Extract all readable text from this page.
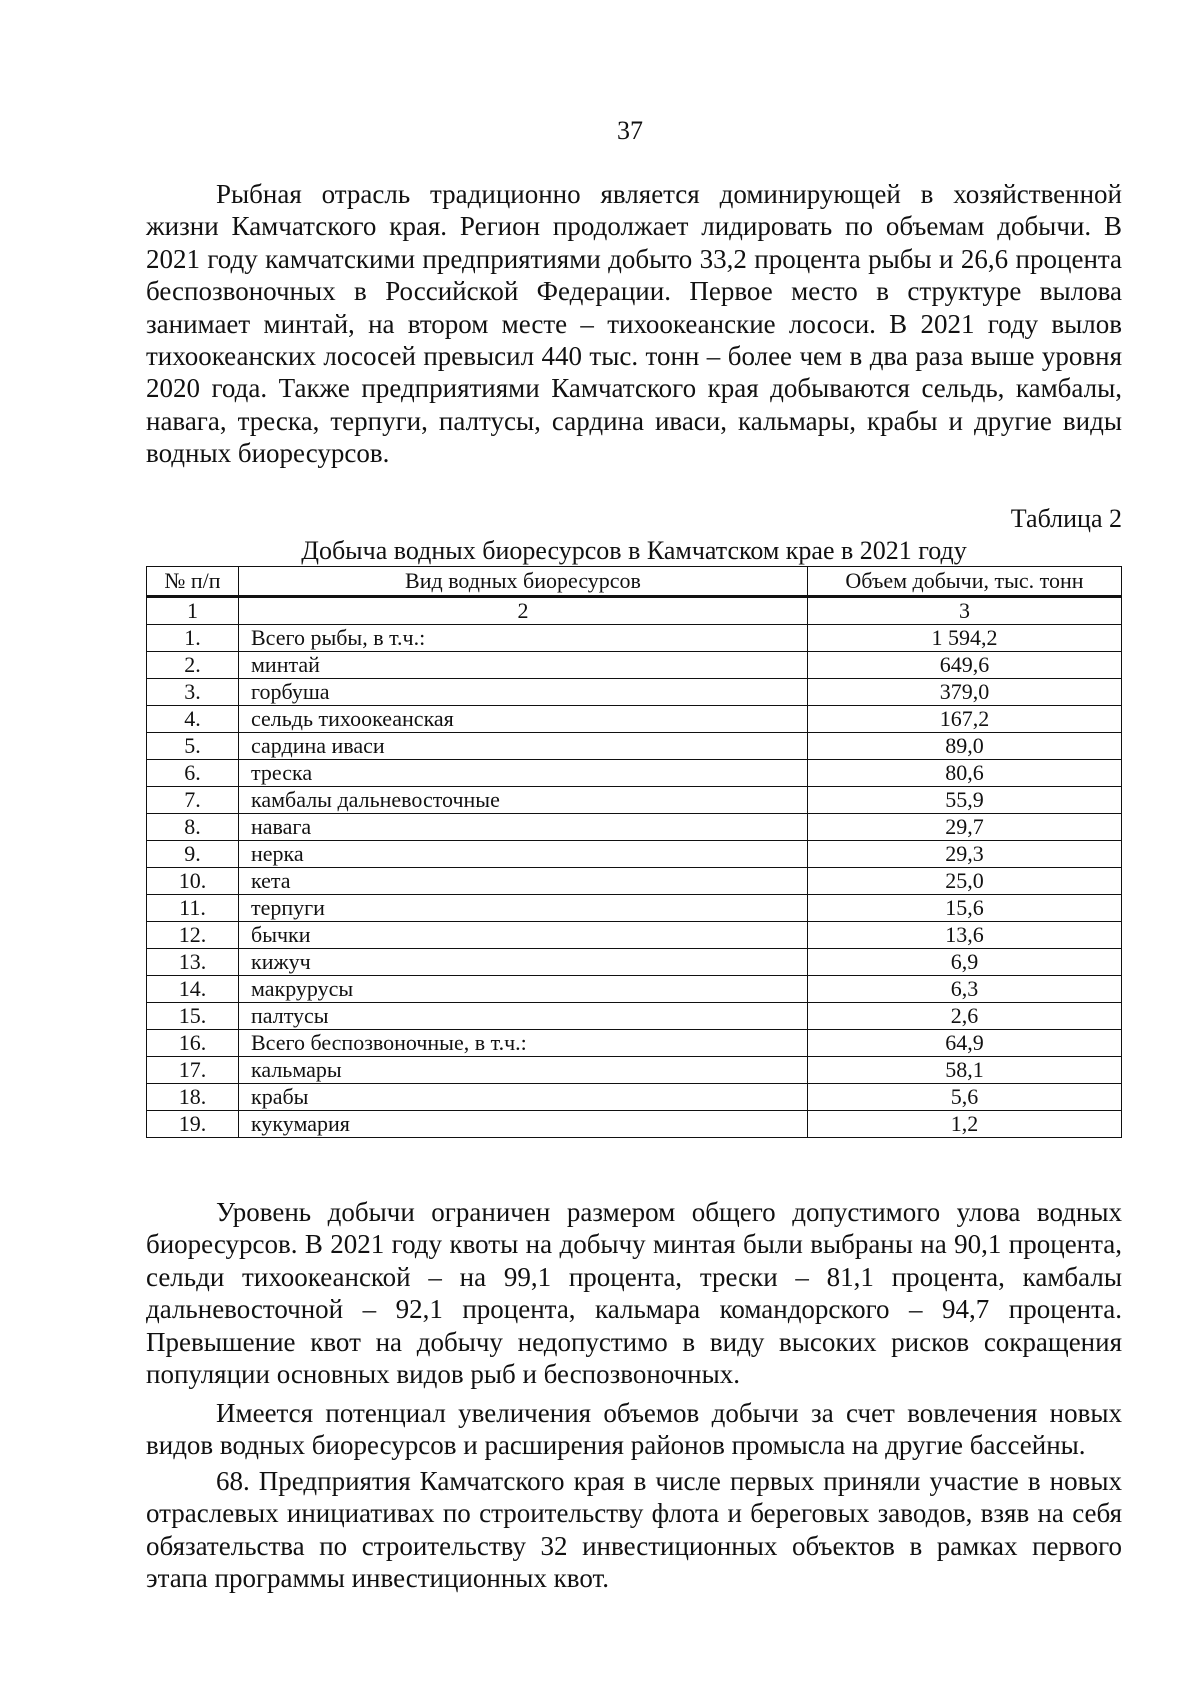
37

Рыбная отрасль традиционно является доминирующей в хозяйственной жизни Камчатского края. Регион продолжает лидировать по объемам добычи. В 2021 году камчатскими предприятиями добыто 33,2 процента рыбы и 26,6 процента беспозвоночных в Российской Федерации. Первое место в структуре вылова занимает минтай, на втором месте – тихоокеанские лососи. В 2021 году вылов тихоокеанских лососей превысил 440 тыс. тонн – более чем в два раза выше уровня 2020 года. Также предприятиями Камчатского края добываются сельдь, камбалы, навага, треска, терпуги, палтусы, сардина иваси, кальмары, крабы и другие виды водных биоресурсов.

Таблица 2
Добыча водных биоресурсов в Камчатском крае в 2021 году
№ п/п	Вид водных биоресурсов	Объем добычи, тыс. тонн
1	2	3
1.	Всего рыбы, в т.ч.:	1 594,2
2.	минтай	649,6
3.	горбуша	379,0
4.	сельдь тихоокеанская	167,2
5.	сардина иваси	89,0
6.	треска	80,6
7.	камбалы дальневосточные	55,9
8.	навага	29,7
9.	нерка	29,3
10.	кета	25,0
11.	терпуги	15,6
12.	бычки	13,6
13.	кижуч	6,9
14.	макрурусы	6,3
15.	палтусы	2,6
16.	Всего беспозвоночные, в т.ч.:	64,9
17.	кальмары	58,1
18.	крабы	5,6
19.	кукумария	1,2

Уровень добычи ограничен размером общего допустимого улова водных биоресурсов. В 2021 году квоты на добычу минтая были выбраны на 90,1 процента, сельди тихоокеанской – на 99,1 процента, трески – 81,1 процента, камбалы дальневосточной – 92,1 процента, кальмара командорского – 94,7 процента. Превышение квот на добычу недопустимо в виду высоких рисков сокращения популяции основных видов рыб и беспозвоночных.

Имеется потенциал увеличения объемов добычи за счет вовлечения новых видов водных биоресурсов и расширения районов промысла на другие бассейны.

68. Предприятия Камчатского края в числе первых приняли участие в новых отраслевых инициативах по строительству флота и береговых заводов, взяв на себя обязательства по строительству 32 инвестиционных объектов в рамках первого этапа программы инвестиционных квот.
